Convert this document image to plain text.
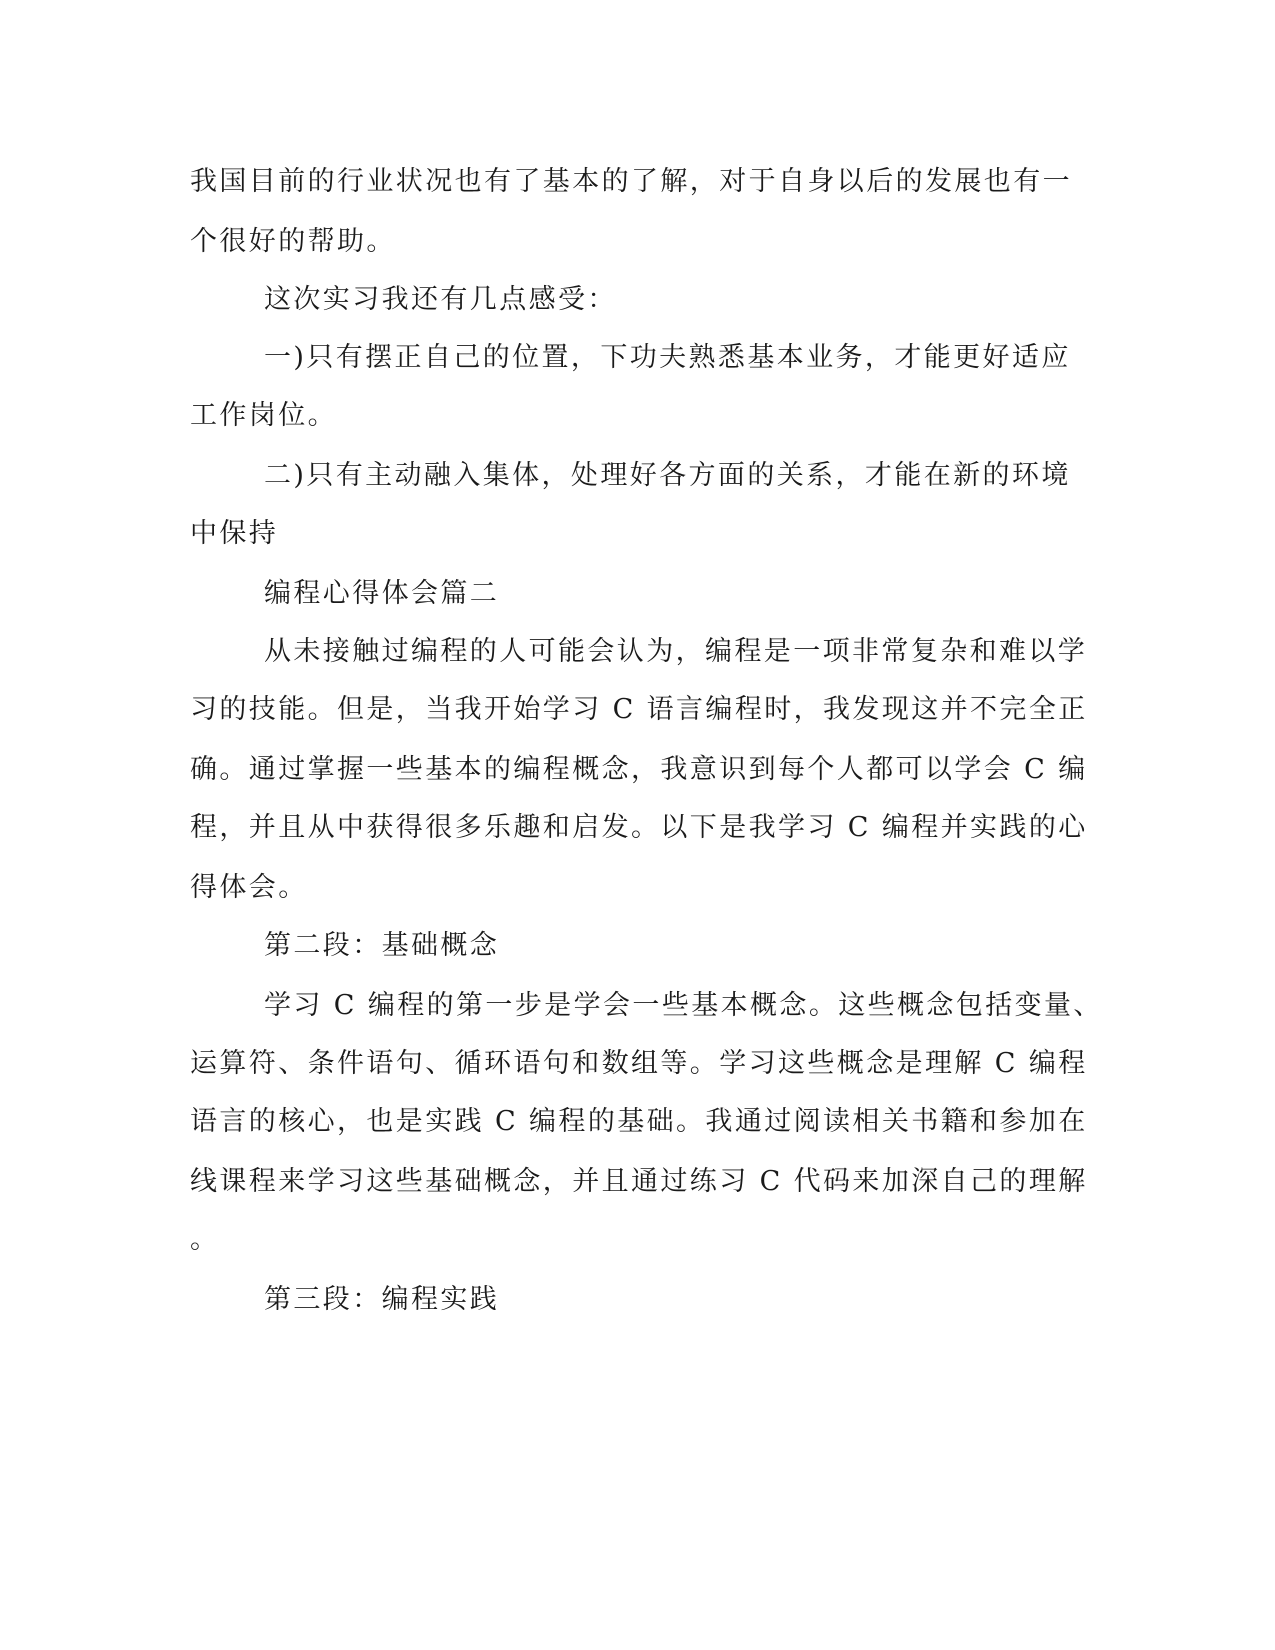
我国目前的行业状况也有了基本的了解，对于自身以后的发展也有一
个很好的帮助。
这次实习我还有几点感受：
一)只有摆正自己的位置，下功夫熟悉基本业务，才能更好适应
工作岗位。
二)只有主动融入集体，处理好各方面的关系，才能在新的环境
中保持
编程心得体会篇二
从未接触过编程的人可能会认为，编程是一项非常复杂和难以学
习的技能。但是，当我开始学习 C 语言编程时，我发现这并不完全正
确。通过掌握一些基本的编程概念，我意识到每个人都可以学会 C 编
程，并且从中获得很多乐趣和启发。以下是我学习 C 编程并实践的心
得体会。
第二段：基础概念
学习 C 编程的第一步是学会一些基本概念。这些概念包括变量、
运算符、条件语句、循环语句和数组等。学习这些概念是理解 C 编程
语言的核心，也是实践 C 编程的基础。我通过阅读相关书籍和参加在
线课程来学习这些基础概念，并且通过练习 C 代码来加深自己的理解
。
第三段：编程实践
